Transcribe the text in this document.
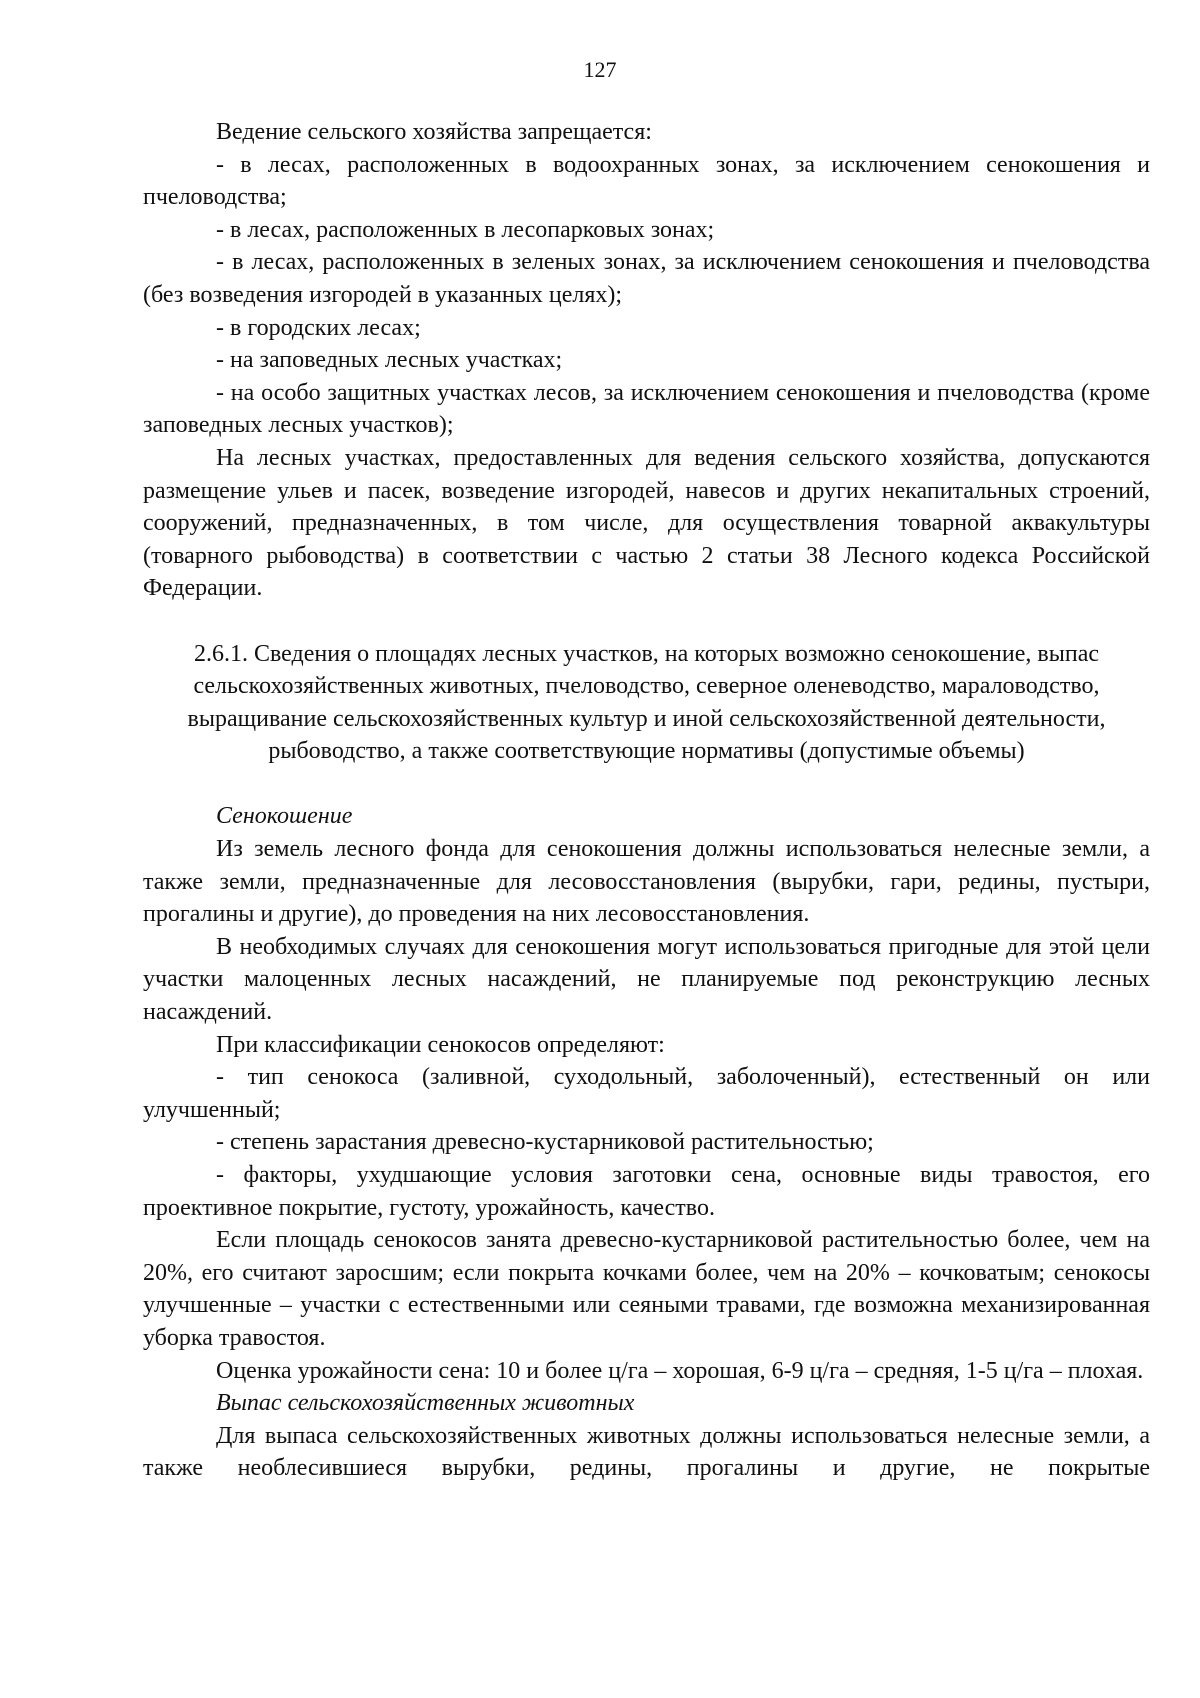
127

Ведение сельского хозяйства запрещается:

- в лесах, расположенных в водоохранных зонах, за исключением сенокошения и пчеловодства;

- в лесах, расположенных в лесопарковых зонах;

- в лесах, расположенных в зеленых зонах, за исключением сенокошения и пчеловодства (без возведения изгородей в указанных целях);

- в городских лесах;

- на заповедных лесных участках;

- на особо защитных участках лесов, за исключением сенокошения и пчеловодства (кроме заповедных лесных участков);

На лесных участках, предоставленных для ведения сельского хозяйства, допускаются размещение ульев и пасек, возведение изгородей, навесов и других некапитальных строений, сооружений, предназначенных, в том числе, для осуществления товарной аквакультуры (товарного рыбоводства) в соответствии с частью 2 статьи 38 Лесного кодекса Российской Федерации.

2.6.1. Сведения о площадях лесных участков, на которых возможно сенокошение, выпас сельскохозяйственных животных, пчеловодство, северное оленеводство, мараловодство, выращивание сельскохозяйственных культур и иной сельскохозяйственной деятельности, рыбоводство, а также соответствующие нормативы (допустимые объемы)

Сенокошение

Из земель лесного фонда для сенокошения должны использоваться нелесные земли, а также земли, предназначенные для лесовосстановления (вырубки, гари, редины, пустыри, прогалины и другие), до проведения на них лесовосстановления.

В необходимых случаях для сенокошения могут использоваться пригодные для этой цели участки малоценных лесных насаждений, не планируемые под реконструкцию лесных насаждений.

При классификации сенокосов определяют:

- тип сенокоса (заливной, суходольный, заболоченный), естественный он или улучшенный;

- степень зарастания древесно-кустарниковой растительностью;

- факторы, ухудшающие условия заготовки сена, основные виды травостоя, его проективное покрытие, густоту, урожайность, качество.

Если площадь сенокосов занята древесно-кустарниковой растительностью более, чем на 20%, его считают заросшим; если покрыта кочками более, чем на 20% – кочковатым; сенокосы улучшенные – участки с естественными или сеяными травами, где возможна механизированная уборка травостоя.

Оценка урожайности сена: 10 и более ц/га – хорошая, 6-9 ц/га – средняя, 1-5 ц/га – плохая.

Выпас сельскохозяйственных животных

Для выпаса сельскохозяйственных животных должны использоваться нелесные земли, а также необлесившиеся вырубки, редины, прогалины и другие, не покрытые
